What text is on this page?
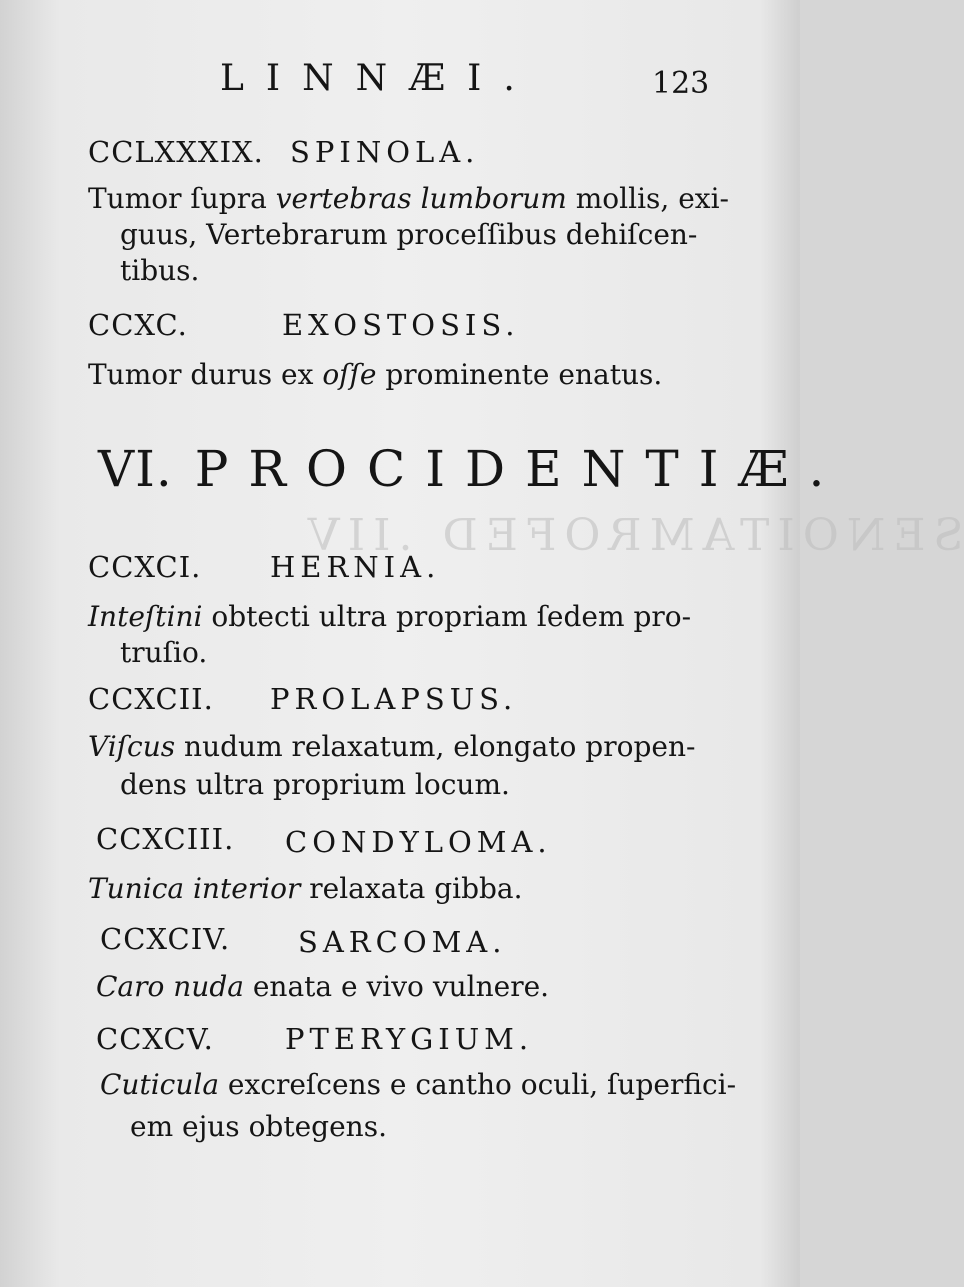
SENOITAMROFED .IIV
LINNÆI.	123
CCLXXXIX. SPINOLA.
Tumor ſupra vertebras lumborum mollis, exi-
guus, Vertebrarum proceſſibus dehiſcen-
tibus.
CCXC.	EXOSTOSIS.
Tumor durus ex oſſe prominente enatus.
VI. PROCIDENTIÆ.
CCXCI. HERNIA.
Inteſtini obtecti ultra propriam ſedem pro-
truſio.
CCXCII. PROLAPSUS.
Viſcus nudum relaxatum, elongato propen-
dens ultra proprium locum.
CCXCIII. CONDYLOMA.
Tunica interior relaxata gibba.
CCXCIV. SARCOMA.
Caro nuda enata e vivo vulnere.
CCXCV. PTERYGIUM.
Cuticula excreſcens e cantho oculi, ſuperfici-
em ejus obtegens.
